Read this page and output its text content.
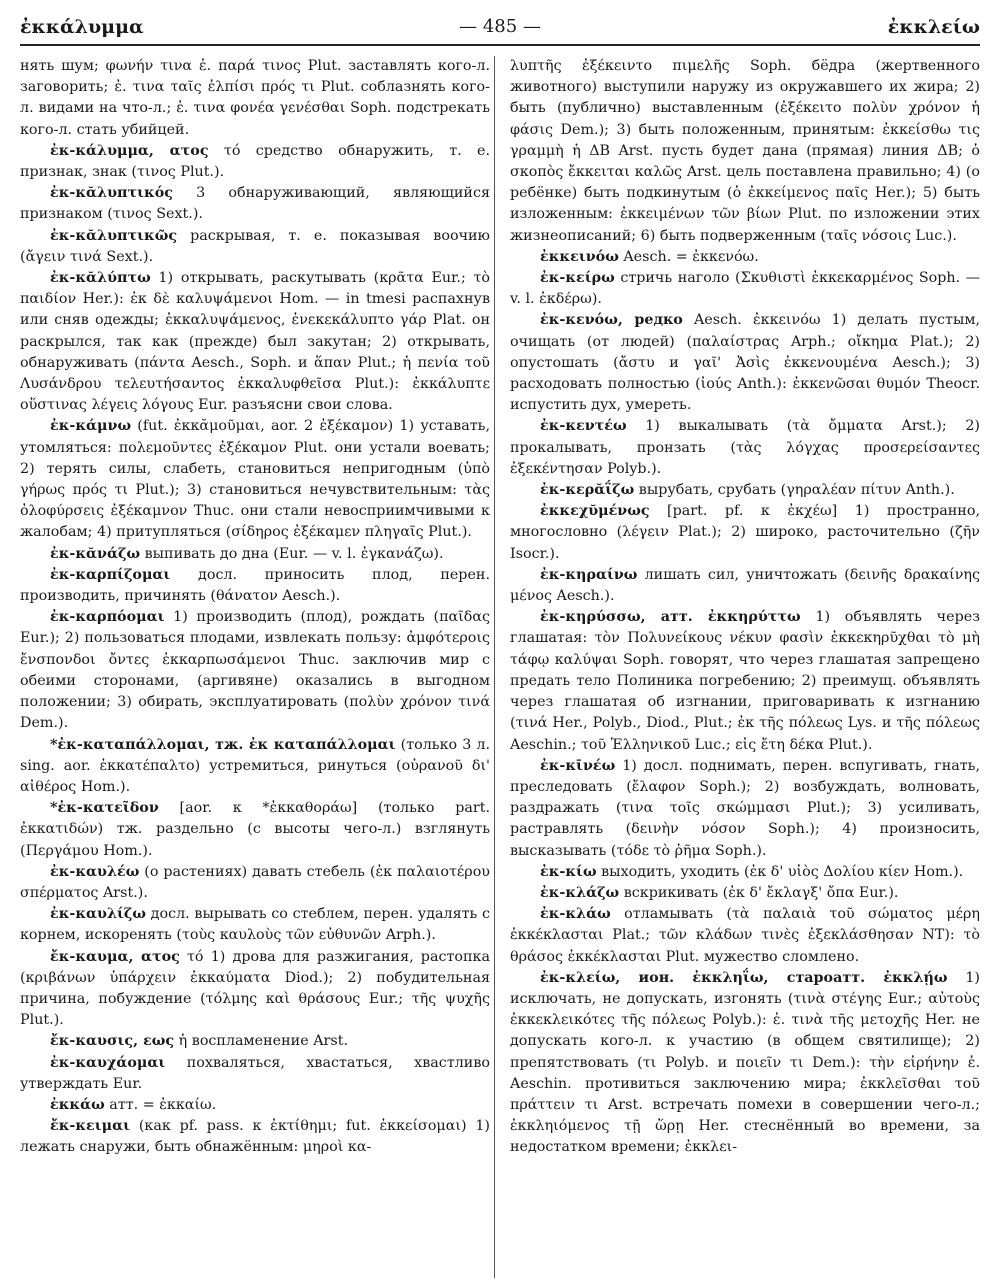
ἐκκάλυμμα	— 485 —	ἐκκλείω

нять шум; φωνήν τινα ἐ. παρά τινος Plut. заставлять кого-л. заговорить; ἐ. τινα ταῖς ἐλπίσι πρός τι Plut. соблазнять кого-л. видами на что-л.; ἐ. τινα φονέα γενέσθαι Soph. подстрекать кого-л. стать убийцей.

ἐκ-κάλυμμα, ατος τό средство обнаружить, т. е. признак, знак (τινος Plut.).

ἐκ-κᾰλυπτικός 3 обнаруживающий, являющийся признаком (τινος Sext.).

ἐκ-κᾰλυπτικῶς раскрывая, т. е. показывая воочию (ἄγειν τινά Sext.).

ἐκ-κᾰλύπτω 1) открывать, раскутывать (κρᾶτα Eur.; τὸ παιδίον Her.): ἐκ δὲ καλυψάμενοι Hom. — in tmesi распахнув или сняв одежды; ἐκκαλυψάμενος, ἐνεκεκάλυπτο γάρ Plat. он раскрылся, так как (прежде) был закутан; 2) открывать, обнаруживать (πάντα Aesch., Soph. и ἅπαν Plut.; ἡ πενία τοῦ Λυσάνδρου τελευτήσαντος ἐκκαλυφθεῖσα Plut.): ἐκκάλυπτε οὕστινας λέγεις λόγους Eur. разъясни свои слова.

ἐκ-κάμνω (fut. ἐκκᾰμοῦμαι, aor. 2 ἐξέκαμον) 1) уставать, утомляться: πολεμοῦντες ἐξέκαμον Plut. они устали воевать; 2) терять силы, слабеть, становиться непригодным (ὑπὸ γήρως πρός τι Plut.); 3) становиться нечувствительным: τὰς ὀλοφύρσεις ἐξέκαμνον Thuc. они стали невосприимчивыми к жалобам; 4) притупляться (σίδηρος ἐξέκαμεν πληγαῖς Plut.).

ἐκ-κᾰνάζω выпивать до дна (Eur. — v. l. ἐγκανάζω).

ἐκ-καρπίζομαι досл. приносить плод, перен. производить, причинять (θάνατον Aesch.).

ἐκ-καρπόομαι 1) производить (плод), рождать (παῖδας Eur.); 2) пользоваться плодами, извлекать пользу: ἀμφότεροις ἔνσπονδοι ὄντες ἐκκαρπωσάμενοι Thuc. заключив мир с обеими сторонами, (аргивяне) оказались в выгодном положении; 3) обирать, эксплуатировать (πολὺν χρόνον τινά Dem.).

*ἐκ-καταπάλλομαι, тж. ἐκ καταπάλλομαι (только 3 л. sing. aor. ἐκκατέπαλτο) устремиться, ринуться (οὐρανοῦ δι' αἰθέρος Hom.).

*ἐκ-κατεῖδον [aor. к *ἐκκαθοράω] (только part. ἐκκατιδών) тж. раздельно (с высоты чего-л.) взглянуть (Περγάμου Hom.).

ἐκ-καυλέω (о растениях) давать стебель (ἐκ παλαιοτέρου σπέρματος Arst.).

ἐκ-καυλίζω досл. вырывать со стеблем, перен. удалять с корнем, искоренять (τοὺς καυλοὺς τῶν εὐθυνῶν Arph.).

ἔκ-καυμα, ατος τό 1) дрова для разжигания, растопка (κριβάνων ὑπάρχειν ἐκκαύματα Diod.); 2) побудительная причина, побуждение (τόλμης καὶ θράσους Eur.; τῆς ψυχῆς Plut.).

ἔκ-καυσις, εως ἡ воспламенение Arst.

ἐκ-καυχάομαι похваляться, хвастаться, хвастливо утверждать Eur.

ἐκκάω атт. = ἐκκαίω.

ἔκ-κειμαι (как pf. pass. к ἐκτίθημι; fut. ἐκκείσομαι) 1) лежать снаружи, быть обнажённым: μηροὶ κα-

λυπτῆς ἐξέκειντο πιμελῆς Soph. бёдра (жертвенного животного) выступили наружу из окружавшего их жира; 2) быть (публично) выставленным (ἐξέκειτο πολὺν χρόνον ἡ φάσις Dem.); 3) быть положенным, принятым: ἐκκείσθω τις γραμμὴ ἡ ΔΒ Arst. пусть будет дана (прямая) линия ΔΒ; ὁ σκοπὸς ἔκκειται καλῶς Arst. цель поставлена правильно; 4) (о ребёнке) быть подкинутым (ὁ ἐκκείμενος παῖς Her.); 5) быть изложенным: ἐκκειμένων τῶν βίων Plut. по изложении этих жизнеописаний; 6) быть подверженным (ταῖς νόσοις Luc.).

ἐκκεινόω Aesch. = ἐκκενόω.

ἐκ-κείρω стричь наголо (Σκυθιστὶ ἐκκεκαρμένος Soph. — v. l. ἐκδέρω).

ἐκ-κενόω, редко Aesch. ἐκκεινόω 1) делать пустым, очищать (от людей) (παλαίστρας Arph.; οἴκημα Plat.); 2) опустошать (ἄστυ и γαῖ' Ἀσὶς ἐκκενουμένα Aesch.); 3) расходовать полностью (ἰούς Anth.): ἐκκενῶσαι θυμόν Theocr. испустить дух, умереть.

ἐκ-κεντέω 1) выкалывать (τὰ ὄμματα Arst.); 2) прокалывать, пронзать (τὰς λόγχας προσερείσαντες ἐξεκέντησαν Polyb.).

ἐκ-κερᾰΐζω вырубать, срубать (γηραλέαν πίτυν Anth.).

ἐκκεχῠμένως [part. pf. к ἐκχέω] 1) пространно, многословно (λέγειν Plat.); 2) широко, расточительно (ζῆν Isocr.).

ἐκ-κηραίνω лишать сил, уничтожать (δεινῆς δρακαίνης μένος Aesch.).

ἐκ-κηρύσσω, атт. ἐκκηρύττω 1) объявлять через глашатая: τὸν Πολυνείκους νέκυν φασὶν ἐκκεκηρῦχθαι τὸ μὴ τάφῳ καλύψαι Soph. говорят, что через глашатая запрещено предать тело Полиника погребению; 2) преимущ. объявлять через глашатая об изгнании, приговаривать к изгнанию (τινά Her., Polyb., Diod., Plut.; ἐκ τῆς πόλεως Lys. и τῆς πόλεως Aeschin.; τοῦ Ἑλληνικοῦ Luc.; εἰς ἔτη δέκα Plut.).

ἐκ-κῑνέω 1) досл. поднимать, перен. вспугивать, гнать, преследовать (ἔλαφον Soph.); 2) возбуждать, волновать, раздражать (τινα τοῖς σκώμμασι Plut.); 3) усиливать, растравлять (δεινὴν νόσον Soph.); 4) произносить, высказывать (τόδε τὸ ῥῆμα Soph.).

ἐκ-κίω выходить, уходить (ἐκ δ' υἱὸς Δολίου κίεν Hom.).

ἐκ-κλάζω вскрикивать (ἐκ δ' ἔκλαγξ' ὄπα Eur.).

ἐκ-κλάω отламывать (τὰ παλαιὰ τοῦ σώματος μέρη ἐκκέκλασται Plat.; τῶν κλάδων τινὲς ἐξεκλάσθησαν NT): τὸ θράσος ἐκκέκλασται Plut. мужество сломлено.

ἐκ-κλείω, ион. ἐκκληΐω, староатт. ἐκκλῄω 1) исключать, не допускать, изгонять (τινὰ στέγης Eur.; αὐτοὺς ἐκκεκλεικότες τῆς πόλεως Polyb.): ἐ. τινὰ τῆς μετοχῆς Her. не допускать кого-л. к участию (в общем святилище); 2) препятствовать (τι Polyb. и ποιεῖν τι Dem.): τὴν εἰρήνην ἐ. Aeschin. противиться заключению мира; ἐκκλεῖσθαι τοῦ πράττειν τι Arst. встречать помехи в совершении чего-л.; ἐκκληιόμενος τῇ ὥρῃ Her. стеснённый во времени, за недостатком времени; ἐκκλει-
